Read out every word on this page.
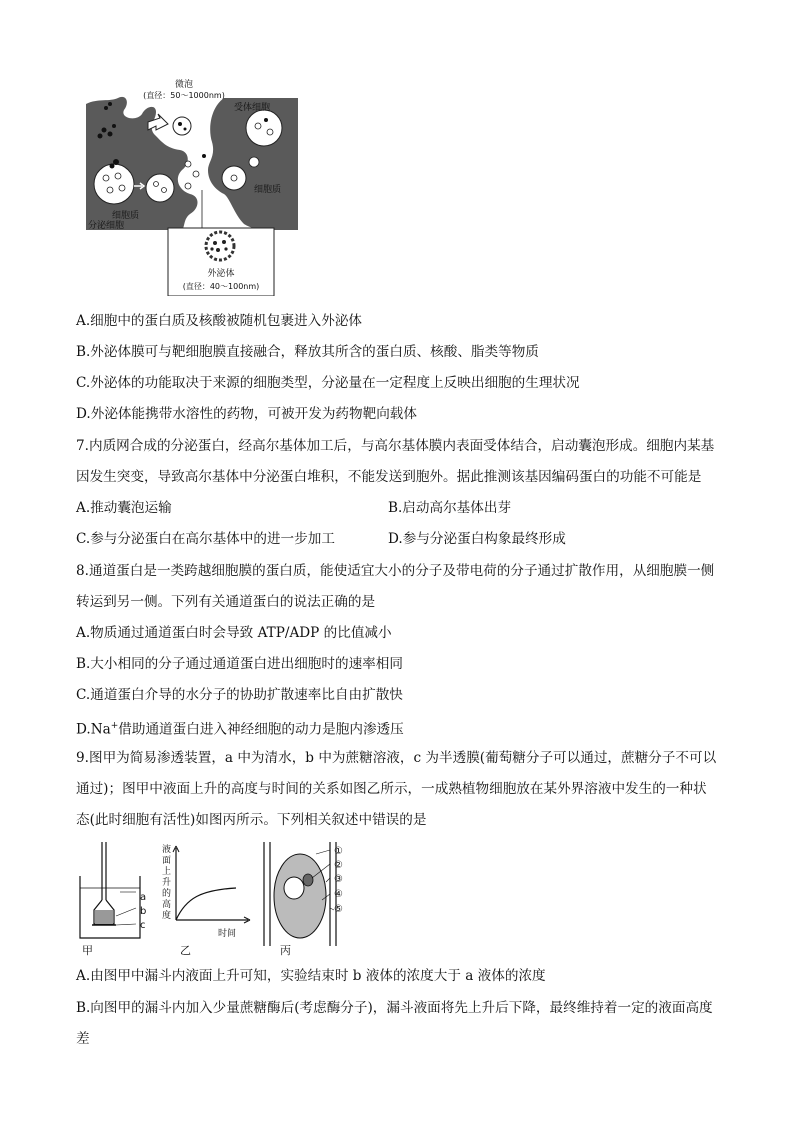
微泡
(直径：50～1000nm)
受体细胞
细胞质
细胞质
分泌细胞
外泌体
(直径：40～100nm)
A.细胞中的蛋白质及核酸被随机包裹进入外泌体
B.外泌体膜可与靶细胞膜直接融合，释放其所含的蛋白质、核酸、脂类等物质
C.外泌体的功能取决于来源的细胞类型，分泌量在一定程度上反映出细胞的生理状况
D.外泌体能携带水溶性的药物，可被开发为药物靶向载体
7.内质网合成的分泌蛋白，经高尔基体加工后，与高尔基体膜内表面受体结合，启动囊泡形成。细胞内某基
因发生突变，导致高尔基体中分泌蛋白堆积，不能发送到胞外。据此推测该基因编码蛋白的功能不可能是
A.推动囊泡运输	B.启动高尔基体出芽
C.参与分泌蛋白在高尔基体中的进一步加工	D.参与分泌蛋白构象最终形成
8.通道蛋白是一类跨越细胞膜的蛋白质，能使适宜大小的分子及带电荷的分子通过扩散作用，从细胞膜一侧
转运到另一侧。下列有关通道蛋白的说法正确的是
A.物质通过通道蛋白时会导致 ATP/ADP 的比值减小
B.大小相同的分子通过通道蛋白进出细胞时的速率相同
C.通道蛋白介导的水分子的协助扩散速率比自由扩散快
D.Na+借助通道蛋白进入神经细胞的动力是胞内渗透压
9.图甲为简易渗透装置，a 中为清水，b 中为蔗糖溶液，c 为半透膜(葡萄糖分子可以通过，蔗糖分子不可以
通过)；图甲中液面上升的高度与时间的关系如图乙所示，一成熟植物细胞放在某外界溶液中发生的一种状
态(此时细胞有活性)如图丙所示。下列相关叙述中错误的是
a
b
c
甲
液
面
上
升
的
高
度
时间
乙
①
②
③
④
⑤
丙
A.由图甲中漏斗内液面上升可知，实验结束时 b 液体的浓度大于 a 液体的浓度
B.向图甲的漏斗内加入少量蔗糖酶后(考虑酶分子)，漏斗液面将先上升后下降，最终维持着一定的液面高度
差
